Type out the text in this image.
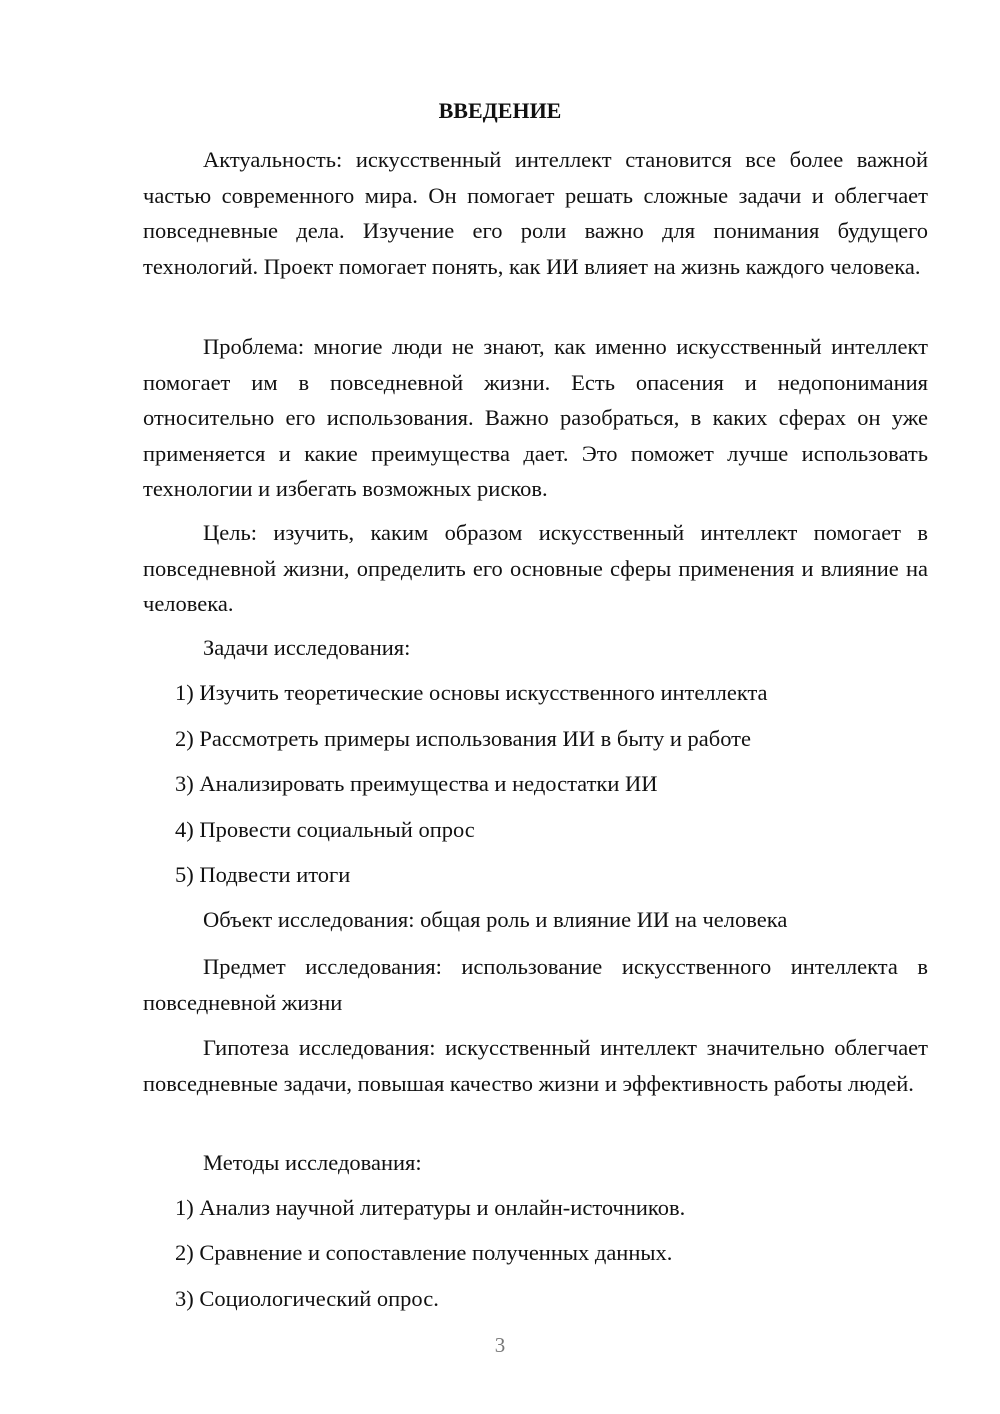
ВВЕДЕНИЕ

Актуальность: искусственный интеллект становится все более важной частью современного мира. Он помогает решать сложные задачи и облегчает повседневные дела. Изучение его роли важно для понимания будущего технологий. Проект помогает понять, как ИИ влияет на жизнь каждого человека.

Проблема: многие люди не знают, как именно искусственный интеллект помогает им в повседневной жизни. Есть опасения и недопонимания относительно его использования. Важно разобраться, в каких сферах он уже применяется и какие преимущества дает. Это поможет лучше использовать технологии и избегать возможных рисков.

Цель: изучить, каким образом искусственный интеллект помогает в повседневной жизни, определить его основные сферы применения и влияние на человека.

Задачи исследования:

1) Изучить теоретические основы искусственного интеллекта

2) Рассмотреть примеры использования ИИ в быту и работе

3) Анализировать преимущества и недостатки ИИ

4) Провести социальный опрос

5) Подвести итоги

Объект исследования: общая роль и влияние ИИ на человека

Предмет исследования: использование искусственного интеллекта в повседневной жизни

Гипотеза исследования: искусственный интеллект значительно облегчает повседневные задачи, повышая качество жизни и эффективность работы людей.

Методы исследования:

1) Анализ научной литературы и онлайн-источников.

2) Сравнение и сопоставление полученных данных.

3) Социологический опрос.

3
